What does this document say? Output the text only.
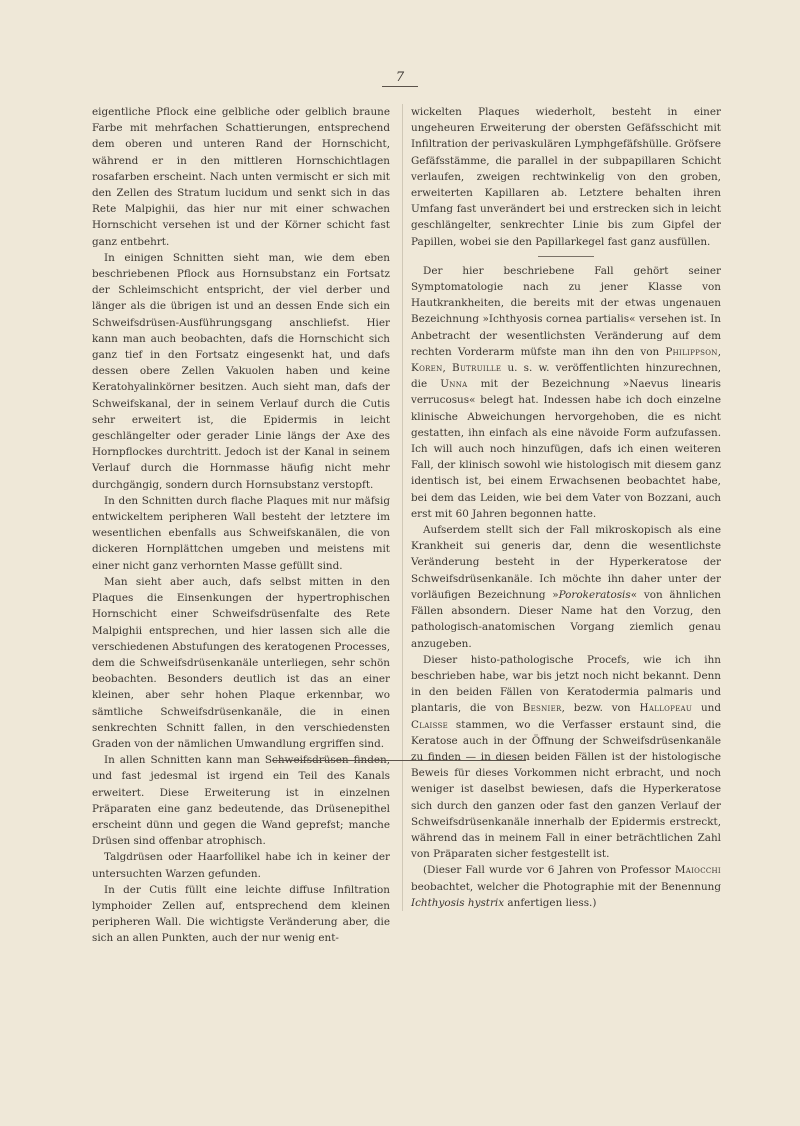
7

eigentliche Pflock eine gelbliche oder gelblich braune Farbe mit mehrfachen Schattierungen, entsprechend dem oberen und unteren Rand der Hornschicht, während er in den mittleren Hornschichtlagen rosafarben erscheint. Nach unten vermischt er sich mit den Zellen des Stratum lucidum und senkt sich in das Rete Malpighii, das hier nur mit einer schwachen Hornschicht versehen ist und der Körner schicht fast ganz entbehrt.

In einigen Schnitten sieht man, wie dem eben beschriebenen Pflock aus Hornsubstanz ein Fortsatz der Schleimschicht entspricht, der viel derber und länger als die übrigen ist und an dessen Ende sich ein Schweifsdrüsen-Ausführungsgang anschliefst. Hier kann man auch beobachten, dafs die Hornschicht sich ganz tief in den Fortsatz eingesenkt hat, und dafs dessen obere Zellen Vakuolen haben und keine Keratohyalinkörner besitzen. Auch sieht man, dafs der Schweifskanal, der in seinem Verlauf durch die Cutis sehr erweitert ist, die Epidermis in leicht geschlängelter oder gerader Linie längs der Axe des Hornpflockes durchtritt. Jedoch ist der Kanal in seinem Verlauf durch die Hornmasse häufig nicht mehr durchgängig, sondern durch Hornsubstanz verstopft.

In den Schnitten durch flache Plaques mit nur mäfsig entwickeltem peripheren Wall besteht der letztere im wesentlichen ebenfalls aus Schweifskanälen, die von dickeren Hornplättchen umgeben und meistens mit einer nicht ganz verhornten Masse gefüllt sind.

Man sieht aber auch, dafs selbst mitten in den Plaques die Einsenkungen der hypertrophischen Hornschicht einer Schweifsdrüsenfalte des Rete Malpighii entsprechen, und hier lassen sich alle die verschiedenen Abstufungen des keratogenen Processes, dem die Schweifsdrüsenkanäle unterliegen, sehr schön beobachten. Besonders deutlich ist das an einer kleinen, aber sehr hohen Plaque erkennbar, wo sämtliche Schweifsdrüsenkanäle, die in einen senkrechten Schnitt fallen, in den verschiedensten Graden von der nämlichen Umwandlung ergriffen sind.

In allen Schnitten kann man Schweifsdrüsen finden, und fast jedesmal ist irgend ein Teil des Kanals erweitert. Diese Erweiterung ist in einzelnen Präparaten eine ganz bedeutende, das Drüsenepithel erscheint dünn und gegen die Wand geprefst; manche Drüsen sind offenbar atrophisch.

Talgdrüsen oder Haarfollikel habe ich in keiner der untersuchten Warzen gefunden.

In der Cutis füllt eine leichte diffuse Infiltration lymphoider Zellen auf, entsprechend dem kleinen peripheren Wall. Die wichtigste Veränderung aber, die sich an allen Punkten, auch der nur wenig ent-

wickelten Plaques wiederholt, besteht in einer ungeheuren Erweiterung der obersten Gefäfsschicht mit Infiltration der perivaskulären Lymphgefäfshülle. Gröfsere Gefäfsstämme, die parallel in der subpapillaren Schicht verlaufen, zweigen rechtwinkelig von den groben, erweiterten Kapillaren ab. Letztere behalten ihren Umfang fast unverändert bei und erstrecken sich in leicht geschlängelter, senkrechter Linie bis zum Gipfel der Papillen, wobei sie den Papillarkegel fast ganz ausfüllen.

Der hier beschriebene Fall gehört seiner Symptomatologie nach zu jener Klasse von Hautkrankheiten, die bereits mit der etwas ungenauen Bezeichnung »Ichthyosis cornea partialis« versehen ist. In Anbetracht der wesentlichsten Veränderung auf dem rechten Vorderarm müfste man ihn den von Philippson, Koren, Butruille u. s. w. veröffentlichten hinzurechnen, die Unna mit der Bezeichnung »Naevus linearis verrucosus« belegt hat. Indessen habe ich doch einzelne klinische Abweichungen hervorgehoben, die es nicht gestatten, ihn einfach als eine nävoide Form aufzufassen. Ich will auch noch hinzufügen, dafs ich einen weiteren Fall, der klinisch sowohl wie histologisch mit diesem ganz identisch ist, bei einem Erwachsenen beobachtet habe, bei dem das Leiden, wie bei dem Vater von Bozzani, auch erst mit 60 Jahren begonnen hatte.

Aufserdem stellt sich der Fall mikroskopisch als eine Krankheit sui generis dar, denn die wesentlichste Veränderung besteht in der Hyperkeratose der Schweifsdrüsenkanäle. Ich möchte ihn daher unter der vorläufigen Bezeichnung »Porokeratosis« von ähnlichen Fällen absondern. Dieser Name hat den Vorzug, den pathologisch-anatomischen Vorgang ziemlich genau anzugeben.

Dieser histo-pathologische Procefs, wie ich ihn beschrieben habe, war bis jetzt noch nicht bekannt. Denn in den beiden Fällen von Keratodermia palmaris und plantaris, die von Besnier, bezw. von Hallopeau und Claisse stammen, wo die Verfasser erstaunt sind, die Keratose auch in der Öffnung der Schweifsdrüsenkanäle zu finden — in diesen beiden Fällen ist der histologische Beweis für dieses Vorkommen nicht erbracht, und noch weniger ist daselbst bewiesen, dafs die Hyperkeratose sich durch den ganzen oder fast den ganzen Verlauf der Schweifsdrüsenkanäle innerhalb der Epidermis erstreckt, während das in meinem Fall in einer beträchtlichen Zahl von Präparaten sicher festgestellt ist.

(Dieser Fall wurde vor 6 Jahren von Professor Maiocchi beobachtet, welcher die Photographie mit der Benennung Ichthyosis hystrix anfertigen liess.)
